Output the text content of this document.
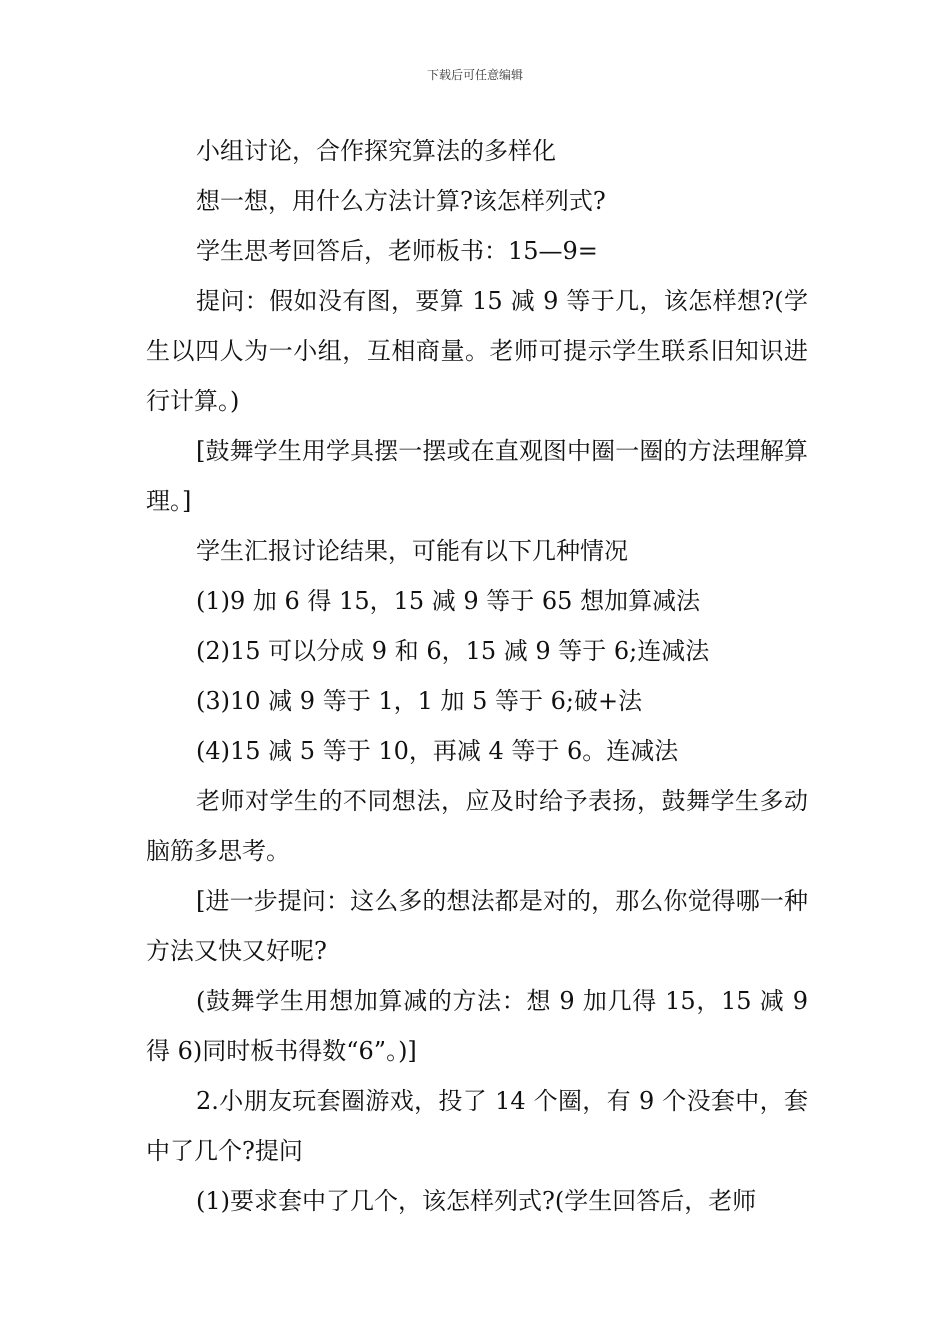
下载后可任意编辑

小组讨论，合作探究算法的多样化

想一想，用什么方法计算?该怎样列式?

学生思考回答后，老师板书：15—9=

提问：假如没有图，要算 15 减 9 等于几，该怎样想?(学生以四人为一小组，互相商量。老师可提示学生联系旧知识进行计算。)

[鼓舞学生用学具摆一摆或在直观图中圈一圈的方法理解算理。]

学生汇报讨论结果，可能有以下几种情况

(1)9 加 6 得 15，15 减 9 等于 65 想加算减法

(2)15 可以分成 9 和 6，15 减 9 等于 6;连减法

(3)10 减 9 等于 1，1 加 5 等于 6;破+法

(4)15 减 5 等于 10，再减 4 等于 6。连减法

老师对学生的不同想法，应及时给予表扬，鼓舞学生多动脑筋多思考。

[进一步提问：这么多的想法都是对的，那么你觉得哪一种方法又快又好呢?

(鼓舞学生用想加算减的方法：想 9 加几得 15，15 减 9 得 6)同时板书得数“6”。)]

2.小朋友玩套圈游戏，投了 14 个圈，有 9 个没套中，套中了几个?提问

(1)要求套中了几个，该怎样列式?(学生回答后，老师
